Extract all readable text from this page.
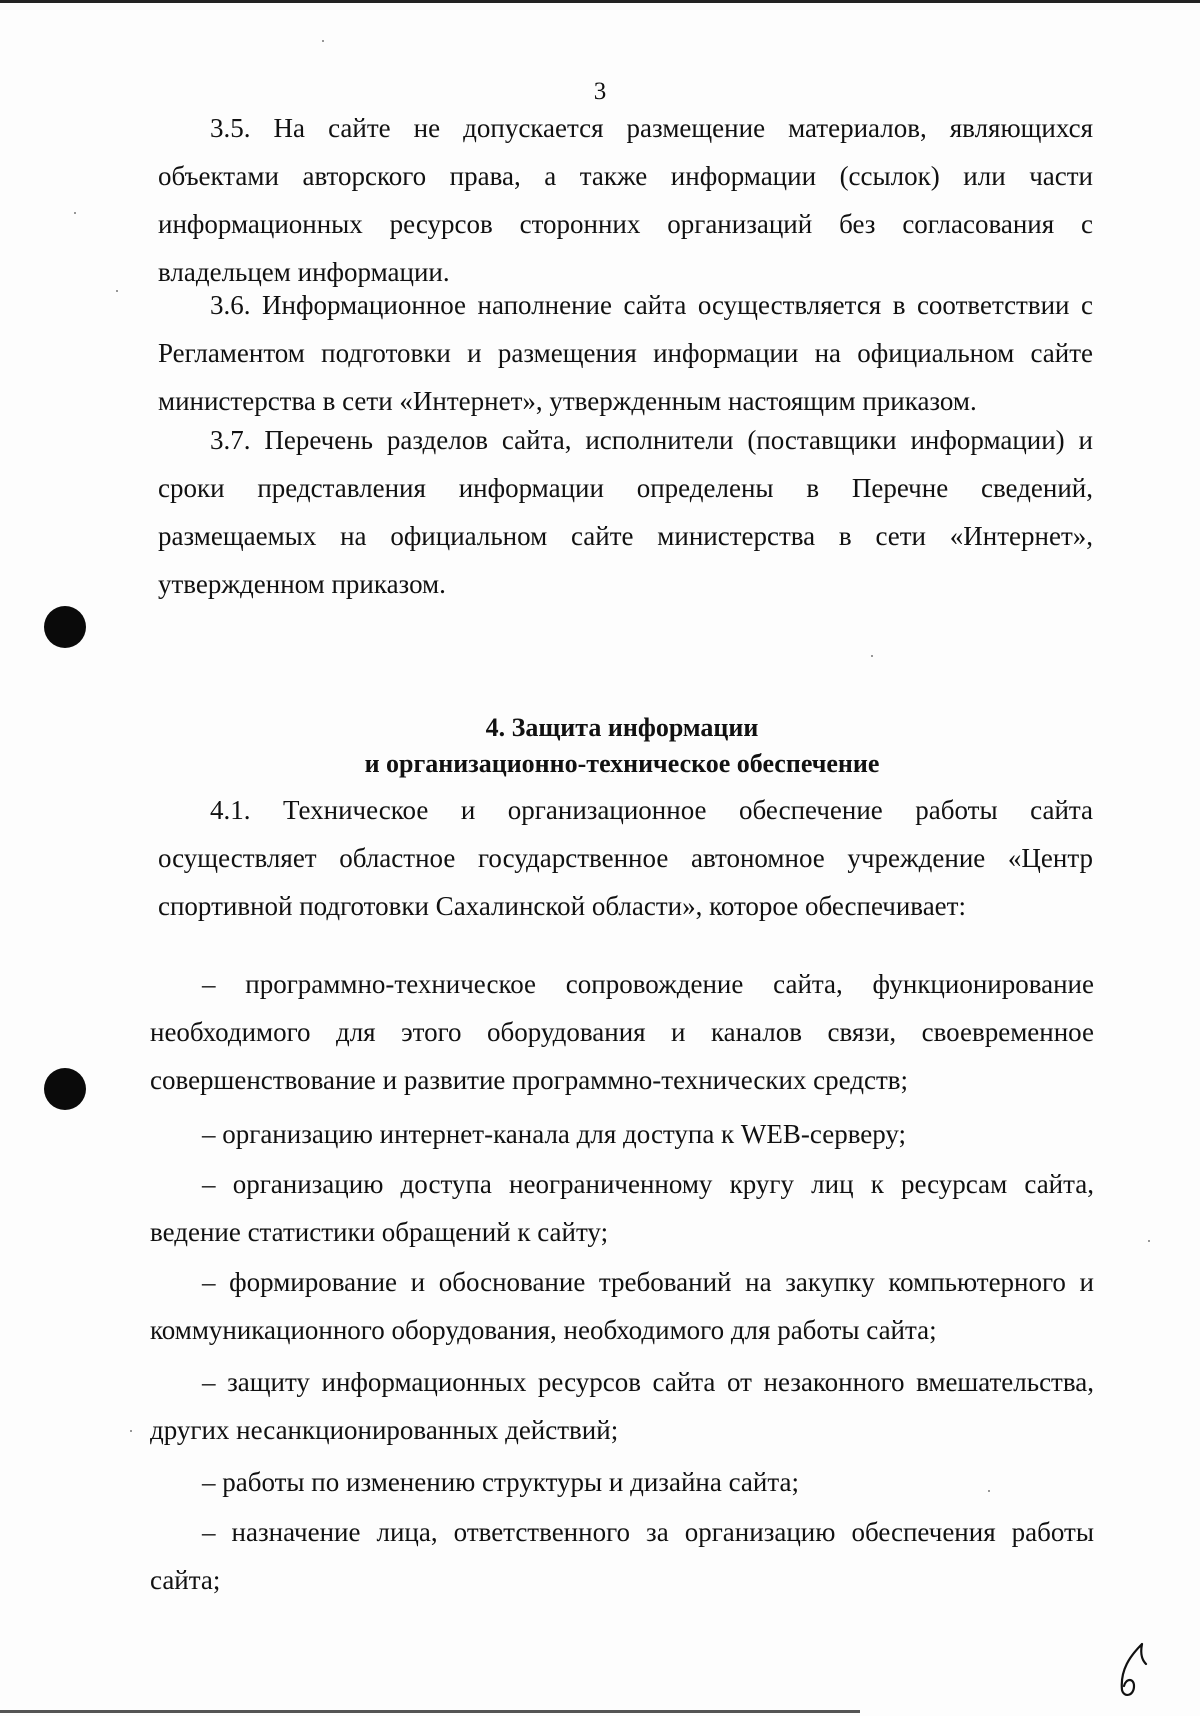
3
3.5. На сайте не допускается размещение материалов, являющихся объектами авторского права, а также информации (ссылок) или части информационных ресурсов сторонних организаций без согласования с владельцем информации.
3.6. Информационное наполнение сайта осуществляется в соответствии с Регламентом подготовки и размещения информации на официальном сайте министерства в сети «Интернет», утвержденным настоящим приказом.
3.7. Перечень разделов сайта, исполнители (поставщики информации) и сроки представления информации определены в Перечне сведений, размещаемых на официальном сайте министерства в сети «Интернет», утвержденном приказом.
4. Защита информации
и организационно-техническое обеспечение
4.1. Техническое и организационное обеспечение работы сайта осуществляет областное государственное автономное учреждение «Центр спортивной подготовки Сахалинской области», которое обеспечивает:
– программно-техническое сопровождение сайта, функционирование необходимого для этого оборудования и каналов связи, своевременное совершенствование и развитие программно-технических средств;
– организацию интернет-канала для доступа к WEB-серверу;
– организацию доступа неограниченному кругу лиц к ресурсам сайта, ведение статистики обращений к сайту;
– формирование и обоснование требований на закупку компьютерного и коммуникационного оборудования, необходимого для работы сайта;
– защиту информационных ресурсов сайта от незаконного вмешательства, других несанкционированных действий;
– работы по изменению структуры и дизайна сайта;
– назначение лица, ответственного за организацию обеспечения работы сайта;
